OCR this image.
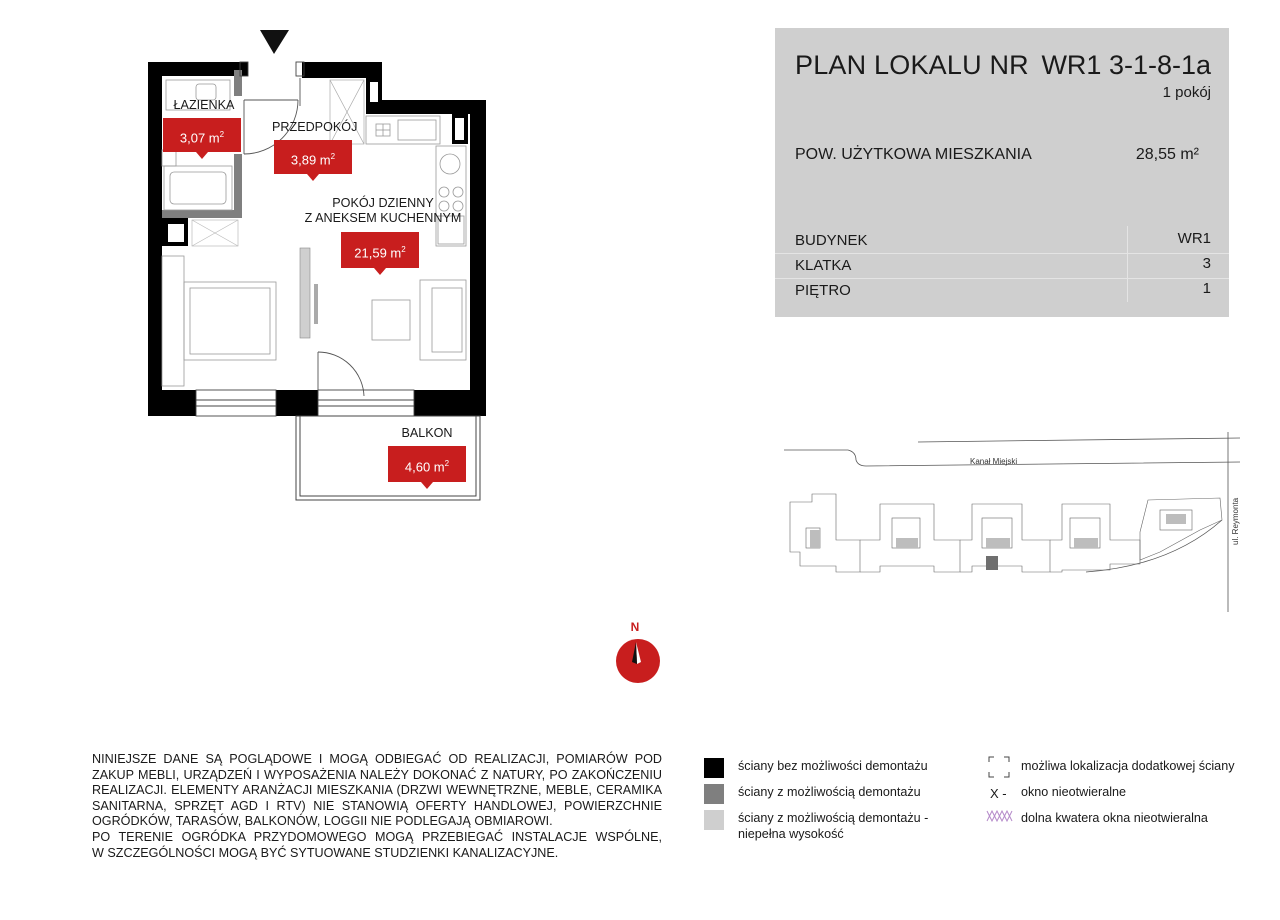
ŁAZIENKA
3,07 $m^2$
PRZEDPOKÓJ
3,89 $m^2$
POKÓJ DZIENNY
Z ANEKSEM KUCHENNYM
21,59 $m^2$
BALKON
4,60 $m^2$
PLAN LOKALU NR WR1 3-1-8-1a
1 pokój
POW. UŻYTKOWA MIESZKANIA	28,55 m²
BUDYNEK	WR1
KLATKA	3
PIĘTRO	1
Kanał Miejski
ul. Reymonta
N
NINIEJSZE DANE SĄ POGLĄDOWE I MOGĄ ODBIEGAĆ OD REALIZACJI, POMIARÓW POD
ZAKUP MEBLI, URZĄDZEŃ I WYPOSAŻENIA NALEŻY DOKONAĆ Z NATURY, PO ZAKOŃCZENIU
REALIZACJI. ELEMENTY ARANŻACJI MIESZKANIA (DRZWI WEWNĘTRZNE, MEBLE, CERAMIKA
SANITARNA, SPRZĘT AGD I RTV) NIE STANOWIĄ OFERTY HANDLOWEJ, POWIERZCHNIE
OGRÓDKÓW, TARASÓW, BALKONÓW, LOGGII NIE PODLEGAJĄ OBMIAROWI.
PO TERENIE OGRÓDKA PRZYDOMOWEGO MOGĄ PRZEBIEGAĆ INSTALACJE WSPÓLNE,
W SZCZEGÓLNOŚCI MOGĄ BYĆ SYTUOWANE STUDZIENKI KANALIZACYJNE.
ściany bez możliwości demontażu
ściany z możliwością demontażu
ściany z możliwością demontażu -
niepełna wysokość
możliwa lokalizacja dodatkowej ściany
X - okno nieotwieralne
dolna kwatera okna nieotwieralna
